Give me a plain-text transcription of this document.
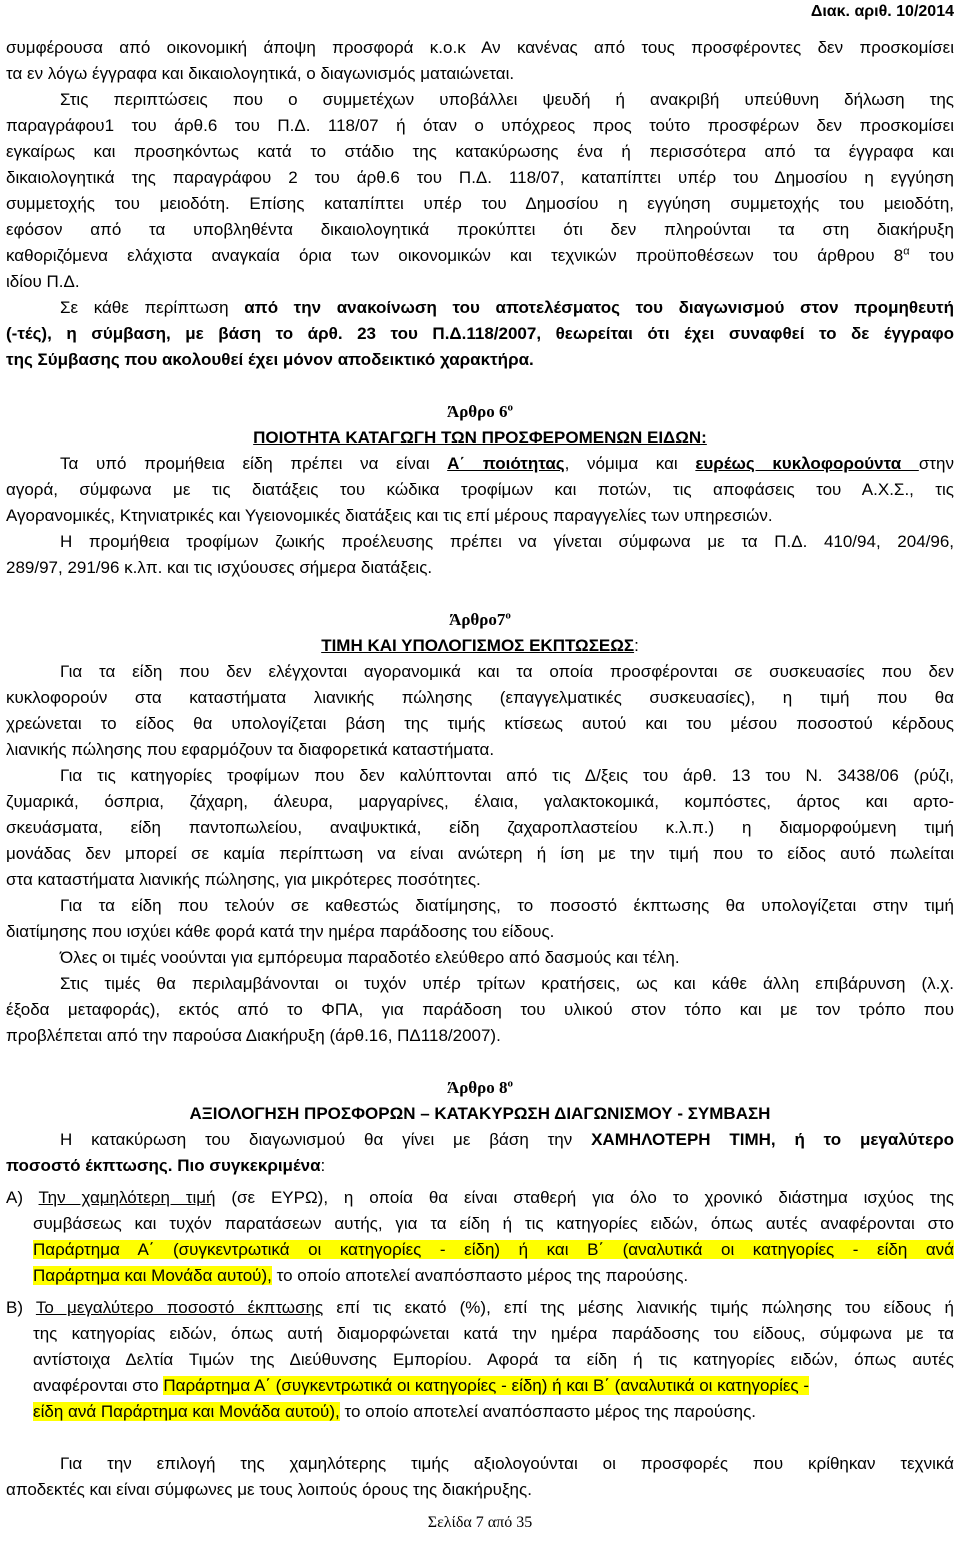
Διακ. αριθ. 10/2014

συμφέρουσα από οικονομική άποψη προσφορά κ.ο.κ Αν κανένας από τους προσφέροντες δεν προσκομίσει

τα εν λόγω έγγραφα και δικαιολογητικά, ο διαγωνισμός ματαιώνεται.

Στις περιπτώσεις που ο συμμετέχων υποβάλλει ψευδή ή ανακριβή υπεύθυνη δήλωση της

παραγράφου1 του άρθ.6 του Π.Δ. 118/07 ή όταν ο υπόχρεος προς τούτο προσφέρων δεν προσκομίσει

εγκαίρως και προσηκόντως κατά το στάδιο της κατακύρωσης ένα ή περισσότερα από τα έγγραφα και

δικαιολογητικά της παραγράφου 2 του άρθ.6 του Π.Δ. 118/07, καταπίπτει υπέρ του Δημοσίου η εγγύηση

συμμετοχής του μειοδότη. Επίσης καταπίπτει υπέρ του Δημοσίου η εγγύηση συμμετοχής του μειοδότη,

εφόσον από τα υποβληθέντα δικαιολογητικά προκύπτει ότι δεν πληρούνται τα στη διακήρυξη

καθοριζόμενα ελάχιστα αναγκαία όρια των οικονομικών και τεχνικών προϋποθέσεων του άρθρου $8^\alpha$ του

ιδίου Π.Δ.

Σε κάθε περίπτωση από την ανακοίνωση του αποτελέσματος του διαγωνισμού στον προμηθευτή

(-τές), η σύμβαση, με βάση το άρθ. 23 του Π.Δ.118/2007, θεωρείται ότι έχει συναφθεί το δε έγγραφο

της Σύμβασης που ακολουθεί έχει μόνον αποδεικτικό χαρακτήρα.

Άρθρο $6^o$

ΠΟΙΟΤΗΤΑ ΚΑΤΑΓΩΓΗ ΤΩΝ ΠΡΟΣΦΕΡΟΜΕΝΩΝ ΕΙΔΩΝ:

Τα υπό προμήθεια είδη πρέπει να είναι Α΄ ποιότητας, νόμιμα και ευρέως κυκλοφορούντα στην

αγορά, σύμφωνα με τις διατάξεις του κώδικα τροφίμων και ποτών, τις αποφάσεις του Α.Χ.Σ., τις

Αγορανομικές, Κτηνιατρικές και Υγειονομικές διατάξεις και τις επί μέρους παραγγελίες των υπηρεσιών.

Η προμήθεια τροφίμων ζωικής προέλευσης πρέπει να γίνεται σύμφωνα με τα Π.Δ. 410/94, 204/96,

289/97, 291/96 κ.λπ. και τις ισχύουσες σήμερα διατάξεις.

$Ά\rho\theta\rho o7^o$

ΤΙΜΗ ΚΑΙ ΥΠΟΛΟΓΙΣΜΟΣ ΕΚΠΤΩΣΕΩΣ:

Για τα είδη που δεν ελέγχονται αγορανομικά και τα οποία προσφέρονται σε συσκευασίες που δεν

κυκλοφορούν στα καταστήματα λιανικής πώλησης (επαγγελματικές συσκευασίες), η τιμή που θα

χρεώνεται το είδος θα υπολογίζεται βάση της τιμής κτίσεως αυτού και του μέσου ποσοστού κέρδους

λιανικής πώλησης που εφαρμόζουν τα διαφορετικά καταστήματα.

Για τις κατηγορίες τροφίμων που δεν καλύπτονται από τις Δ/ξεις του άρθ. 13 του Ν. 3438/06 (ρύζι,

ζυμαρικά, όσπρια, ζάχαρη, άλευρα, μαργαρίνες, έλαια, γαλακτοκομικά, κομπόστες, άρτος και αρτο-

σκευάσματα, είδη παντοπωλείου, αναψυκτικά, είδη ζαχαροπλαστείου κ.λ.π.) η διαμορφούμενη τιμή

μονάδας δεν μπορεί σε καμία περίπτωση να είναι ανώτερη ή ίση με την τιμή που το είδος αυτό πωλείται

στα καταστήματα λιανικής πώλησης, για μικρότερες ποσότητες.

Για τα είδη που τελούν σε καθεστώς διατίμησης, το ποσοστό έκπτωσης θα υπολογίζεται στην τιμή

διατίμησης που ισχύει κάθε φορά κατά την ημέρα παράδοσης του είδους.

Όλες οι τιμές νοούνται για εμπόρευμα παραδοτέο ελεύθερο από δασμούς και τέλη.

Στις τιμές θα περιλαμβάνονται οι τυχόν υπέρ τρίτων κρατήσεις, ως και κάθε άλλη επιβάρυνση (λ.χ.

έξοδα μεταφοράς), εκτός από το ΦΠΑ, για παράδοση του υλικού στον τόπο και με τον τρόπο που

προβλέπεται από την παρούσα Διακήρυξη (άρθ.16, ΠΔ118/2007).

Άρθρο $8^o$

ΑΞΙΟΛΟΓΗΣΗ ΠΡΟΣΦΟΡΩΝ – ΚΑΤΑΚΥΡΩΣΗ ΔΙΑΓΩΝΙΣΜΟΥ - ΣΥΜΒΑΣΗ

Η κατακύρωση του διαγωνισμού θα γίνει με βάση την ΧΑΜΗΛΟΤΕΡΗ ΤΙΜΗ, ή το μεγαλύτερο

ποσοστό έκπτωσης. Πιο συγκεκριμένα:

Α) Την χαμηλότερη τιμή (σε ΕΥΡΩ), η οποία θα είναι σταθερή για όλο το χρονικό διάστημα ισχύος της

συμβάσεως και τυχόν παρατάσεων αυτής, για τα είδη ή τις κατηγορίες ειδών, όπως αυτές αναφέρονται στο

Παράρτημα Α΄ (συγκεντρωτικά οι κατηγορίες - είδη) ή και Β΄ (αναλυτικά οι κατηγορίες - είδη ανά

Παράρτημα και Μονάδα αυτού), το οποίο αποτελεί αναπόσπαστο μέρος της παρούσης.

Β) Το μεγαλύτερο ποσοστό έκπτωσης επί τις εκατό (%), επί της μέσης λιανικής τιμής πώλησης του είδους ή

της κατηγορίας ειδών, όπως αυτή διαμορφώνεται κατά την ημέρα παράδοσης του είδους, σύμφωνα με τα

αντίστοιχα Δελτία Τιμών της Διεύθυνσης Εμπορίου. Αφορά τα είδη ή τις κατηγορίες ειδών, όπως αυτές

αναφέρονται στο Παράρτημα Α΄ (συγκεντρωτικά οι κατηγορίες - είδη) ή και Β΄ (αναλυτικά οι κατηγορίες -

είδη ανά Παράρτημα και Μονάδα αυτού), το οποίο αποτελεί αναπόσπαστο μέρος της παρούσης.

Για την επιλογή της χαμηλότερης τιμής αξιολογούνται οι προσφορές που κρίθηκαν τεχνικά

αποδεκτές και είναι σύμφωνες με τους λοιπούς όρους της διακήρυξης.

Σελίδα 7 από 35
